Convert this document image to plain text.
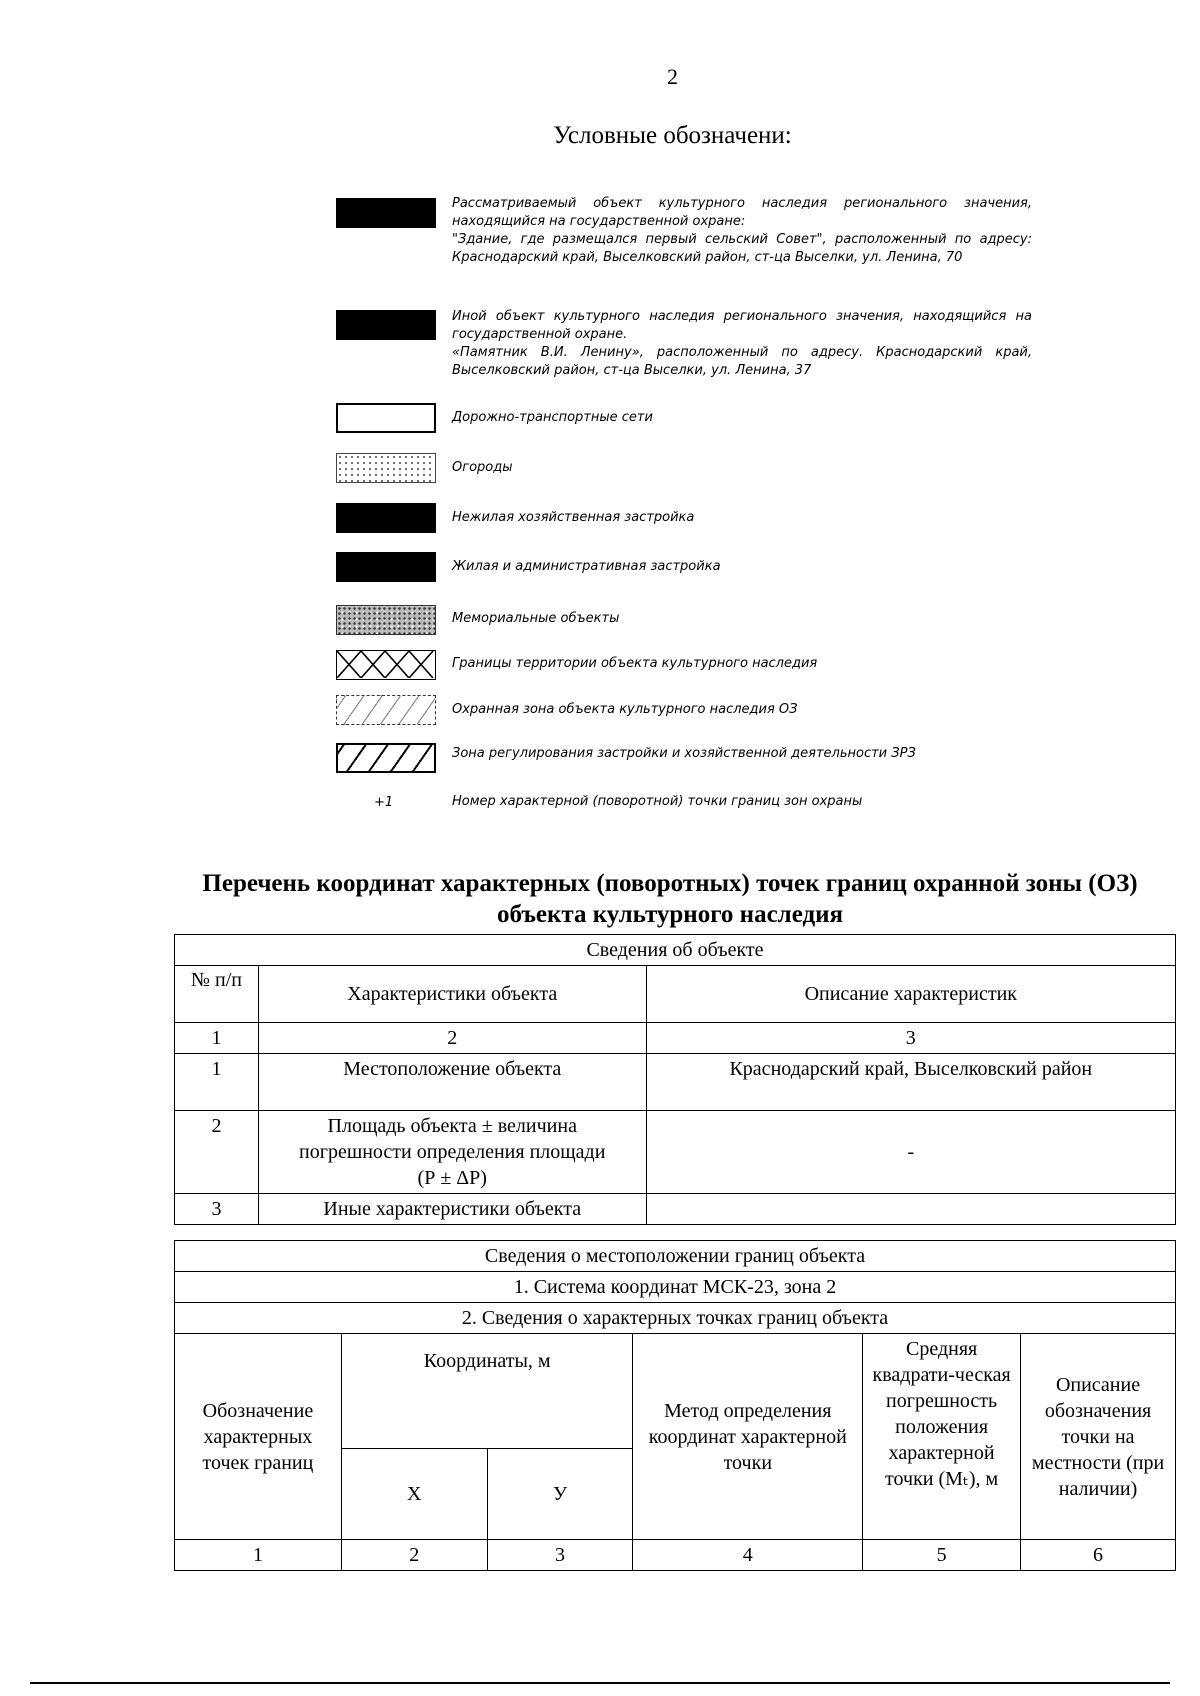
2
Условные обозначени:
Рассматриваемый объект культурного наследия регионального значения, находящийся на государственной охране:
"Здание, где размещался первый сельский Совет", расположенный по адресу: Краснодарский край, Выселковский район, ст-ца Выселки, ул. Ленина, 70
Иной объект культурного наследия регионального значения, находящийся на государственной охране.
«Памятник В.И. Ленину», расположенный по адресу. Краснодарский край, Выселковский район, ст-ца Выселки, ул. Ленина, 37
Дорожно-транспортные сети
Огороды
Нежилая хозяйственная застройка
Жилая и административная застройка
Мемориальные объекты
Границы территории объекта культурного наследия
Охранная зона объекта культурного наследия ОЗ
Зона регулирования застройки и хозяйственной деятельности ЗРЗ
+1	Номер характерной (поворотной) точки границ зон охраны
Перечень координат характерных (поворотных) точек границ охранной зоны (ОЗ) объекта культурного наследия
Сведения об объекте		
№ п/п	Характеристики объекта	Описание характеристик
1	2	3
1	Местоположение объекта	Краснодарский край, Выселковский район
2	Площадь объекта ± величина погрешности определения площади (Р ± ΔР)	-
3	Иные характеристики объекта	
Сведения о местоположении границ объекта					
1. Система координат МСК-23, зона 2					
2. Сведения о характерных точках границ объекта					
Обозначение характерных точек границ	Координаты, м		Метод определения координат характерной точки	Средняя квадрати-ческая погрешность положения характерной точки (Мₜ), м	Описание обозначения точки на местности (при наличии)
	Х	У			
1	2	3	4	5	6
